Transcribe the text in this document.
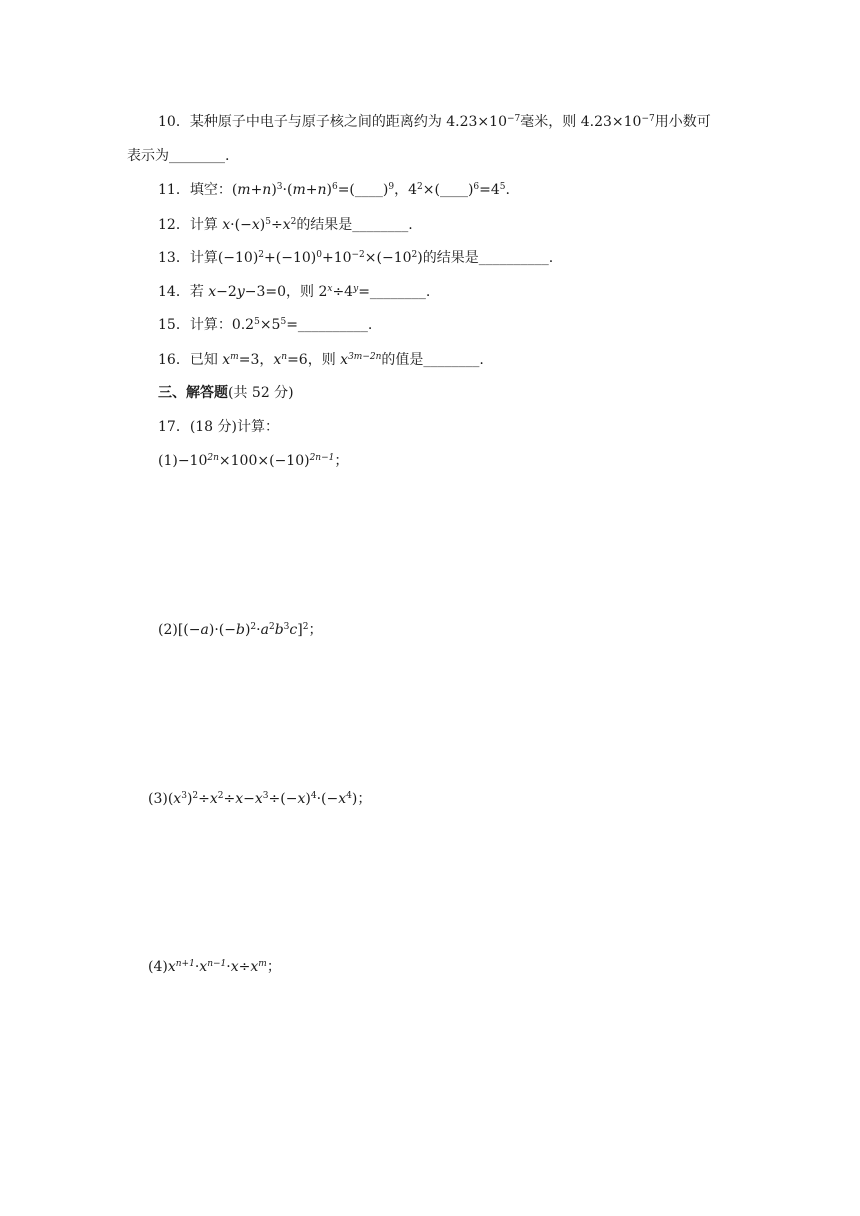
10．某种原子中电子与原子核之间的距离约为 $4.23\times 10^{-7}$毫米，则 $4.23\times 10^{-7}$用小数可
表示为________.
11．填空：$(m+n)^3\cdot(m+n)^6=(\_\_\_\_)^9$，$4^2\times(\_\_\_\_)^6=4^5$.
12．计算 $x\cdot(-x)^5\div x^2$的结果是________.
13．计算$(-10)^2+(-10)^0+10^{-2}\times(-10^2)$的结果是__________.
14．若 x−2y−3=0，则 $2^x\div 4^y=\_\_\_\_\_\_\_\_$.
15．计算：$0.2^5\times 5^5=\_\_\_\_\_\_\_\_\_\_$.
16．已知 $x^m=3$，$x^n=6$，则 $x^{3m-2n}$的值是________.
三、解答题(共 52 分)
17．(18 分)计算：
$(1)-10^{2n}\times 100\times(-10)^{2n-1}$；
$(2)[(-a)\cdot(-b)^2\cdot a^2b^3c]^2$；
$(3)(x^3)^2\div x^2\div x-x^3\div(-x)^4\cdot(-x^4)$；
$(4)x^{n+1}\cdot x^{n-1}\cdot x\div x^m$；
